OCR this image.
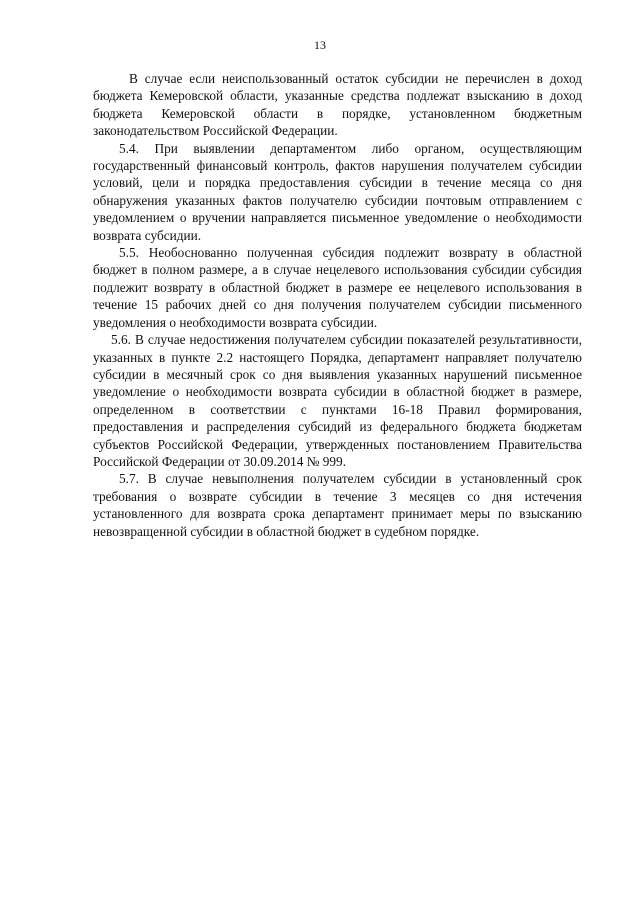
13

В случае если неиспользованный остаток субсидии не перечислен в доход бюджета Кемеровской области, указанные средства подлежат взысканию в доход бюджета Кемеровской области в порядке, установленном бюджетным законодательством Российской Федерации.

5.4. При выявлении департаментом либо органом, осуществляющим государственный финансовый контроль, фактов нарушения получателем субсидии условий, цели и порядка предоставления субсидии в течение месяца со дня обнаружения указанных фактов получателю субсидии почтовым отправлением с уведомлением о вручении направляется письменное уведомление о необходимости возврата субсидии.

5.5. Необоснованно полученная субсидия подлежит возврату в областной бюджет в полном размере, а в случае нецелевого использования субсидии субсидия подлежит возврату в областной бюджет в размере ее нецелевого использования в течение 15 рабочих дней со дня получения получателем субсидии письменного уведомления о необходимости возврата субсидии.

5.6. В случае недостижения получателем субсидии показателей результативности, указанных в пункте 2.2 настоящего Порядка, департамент направляет получателю субсидии в месячный срок со дня выявления указанных нарушений письменное уведомление о необходимости возврата субсидии в областной бюджет в размере, определенном в соответствии с пунктами 16-18 Правил формирования, предоставления и распределения субсидий из федерального бюджета бюджетам субъектов Российской Федерации, утвержденных постановлением Правительства Российской Федерации от 30.09.2014 № 999.

5.7. В случае невыполнения получателем субсидии в установленный срок требования о возврате субсидии в течение 3 месяцев со дня истечения установленного для возврата срока департамент принимает меры по взысканию невозвращенной субсидии в областной бюджет в судебном порядке.
